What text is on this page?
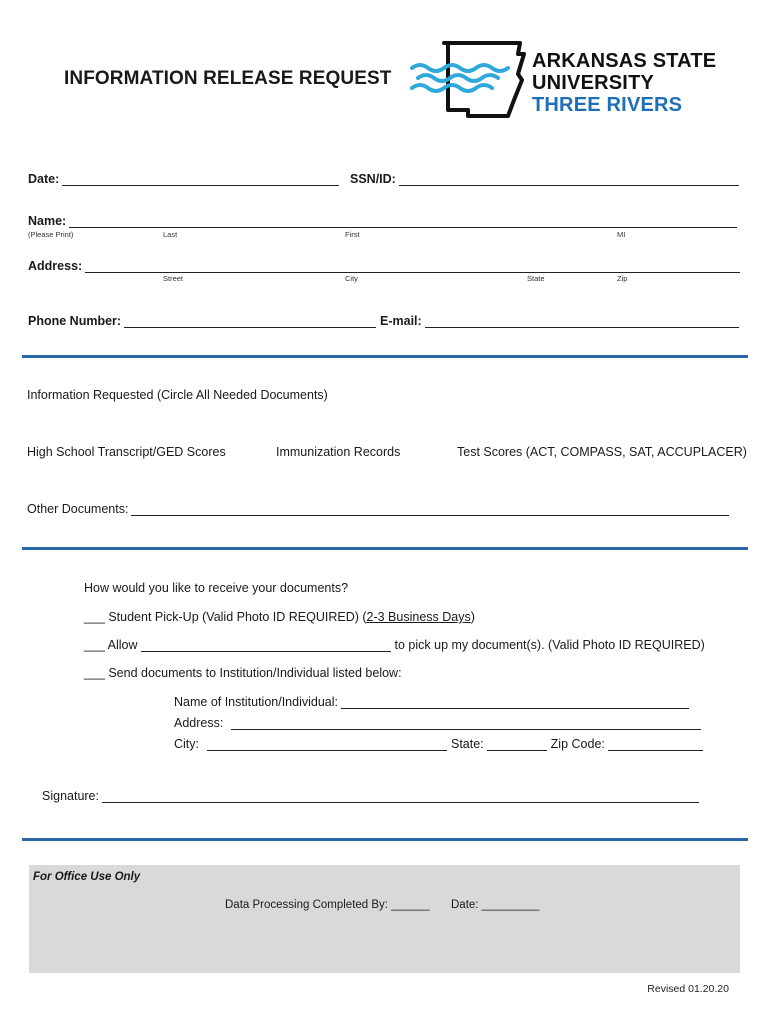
INFORMATION RELEASE REQUEST
ARKANSAS STATE
UNIVERSITY
THREE RIVERS
Date:	SSN/ID:
Name:
(Please Print)	Last	First	MI
Address:
Street	City	State	Zip
Phone Number:	E-mail:
Information Requested (Circle All Needed Documents)
High School Transcript/GED Scores	Immunization Records	Test Scores (ACT, COMPASS, SAT, ACCUPLACER)
Other Documents:
How would you like to receive your documents?
___ Student Pick-Up (Valid Photo ID REQUIRED) (2-3 Business Days)
___ Allow	to pick up my document(s). (Valid Photo ID REQUIRED)
___ Send documents to Institution/Individual listed below:
Name of Institution/Individual:
Address:
City:	State:	Zip Code:
Signature:
For Office Use Only
Data Processing Completed By: ______ Date: _________
Revised 01.20.20
